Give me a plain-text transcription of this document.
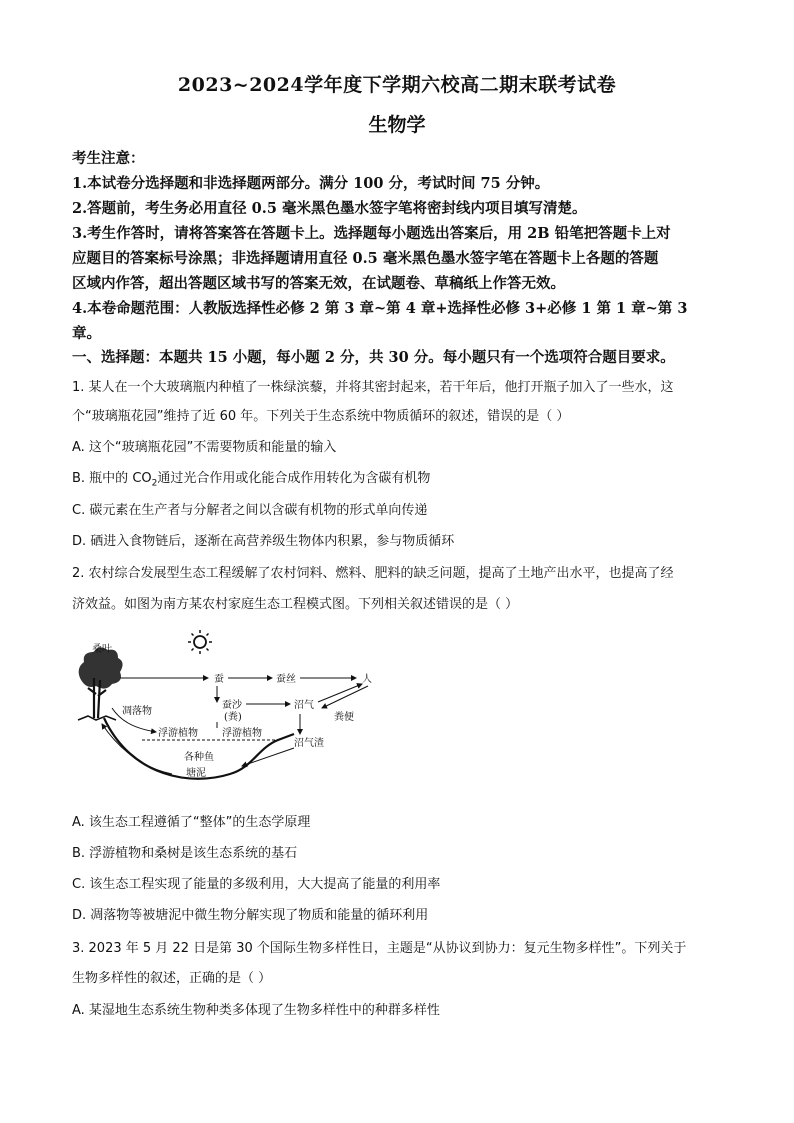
2023~2024学年度下学期六校高二期末联考试卷
生物学
考生注意：
1.本试卷分选择题和非选择题两部分。满分 100 分，考试时间 75 分钟。
2.答题前，考生务必用直径 0.5 毫米黑色墨水签字笔将密封线内项目填写清楚。
3.考生作答时，请将答案答在答题卡上。选择题每小题选出答案后，用 2B 铅笔把答题卡上对
应题目的答案标号涂黑；非选择题请用直径 0.5 毫米黑色墨水签字笔在答题卡上各题的答题
区域内作答，超出答题区域书写的答案无效，在试题卷、草稿纸上作答无效。
4.本卷命题范围：人教版选择性必修 2 第 3 章~第 4 章+选择性必修 3+必修 1 第 1 章~第 3
章。
一、选择题：本题共 15 小题，每小题 2 分，共 30 分。每小题只有一个选项符合题目要求。
1. 某人在一个大玻璃瓶内种植了一株绿滨藜，并将其密封起来，若干年后，他打开瓶子加入了一些水，这
个“玻璃瓶花园”维持了近 60 年。下列关于生态系统中物质循环的叙述，错误的是（ ）
A. 这个“玻璃瓶花园”不需要物质和能量的输入
B. 瓶中的 $CO_2$通过光合作用或化能合成作用转化为含碳有机物
C. 碳元素在生产者与分解者之间以含碳有机物的形式单向传递
D. 硒进入食物链后，逐渐在高营养级生物体内积累，参与物质循环
2. 农村综合发展型生态工程缓解了农村饲料、燃料、肥料的缺乏问题，提高了土地产出水平，也提高了经
济效益。如图为南方某农村家庭生态工程模式图。下列相关叙述错误的是（ ）
桑叶
蚕	蚕丝	人
蚕沙
(粪)
沼气
粪便
凋落物
浮游植物 浮游植物
沼气渣
各种鱼
塘泥
A. 该生态工程遵循了“整体”的生态学原理
B. 浮游植物和桑树是该生态系统的基石
C. 该生态工程实现了能量的多级利用，大大提高了能量的利用率
D. 凋落物等被塘泥中微生物分解实现了物质和能量的循环利用
3. 2023 年 5 月 22 日是第 30 个国际生物多样性日，主题是“从协议到协力：复元生物多样性”。下列关于
生物多样性的叙述，正确的是（ ）
A. 某湿地生态系统生物种类多体现了生物多样性中的种群多样性
